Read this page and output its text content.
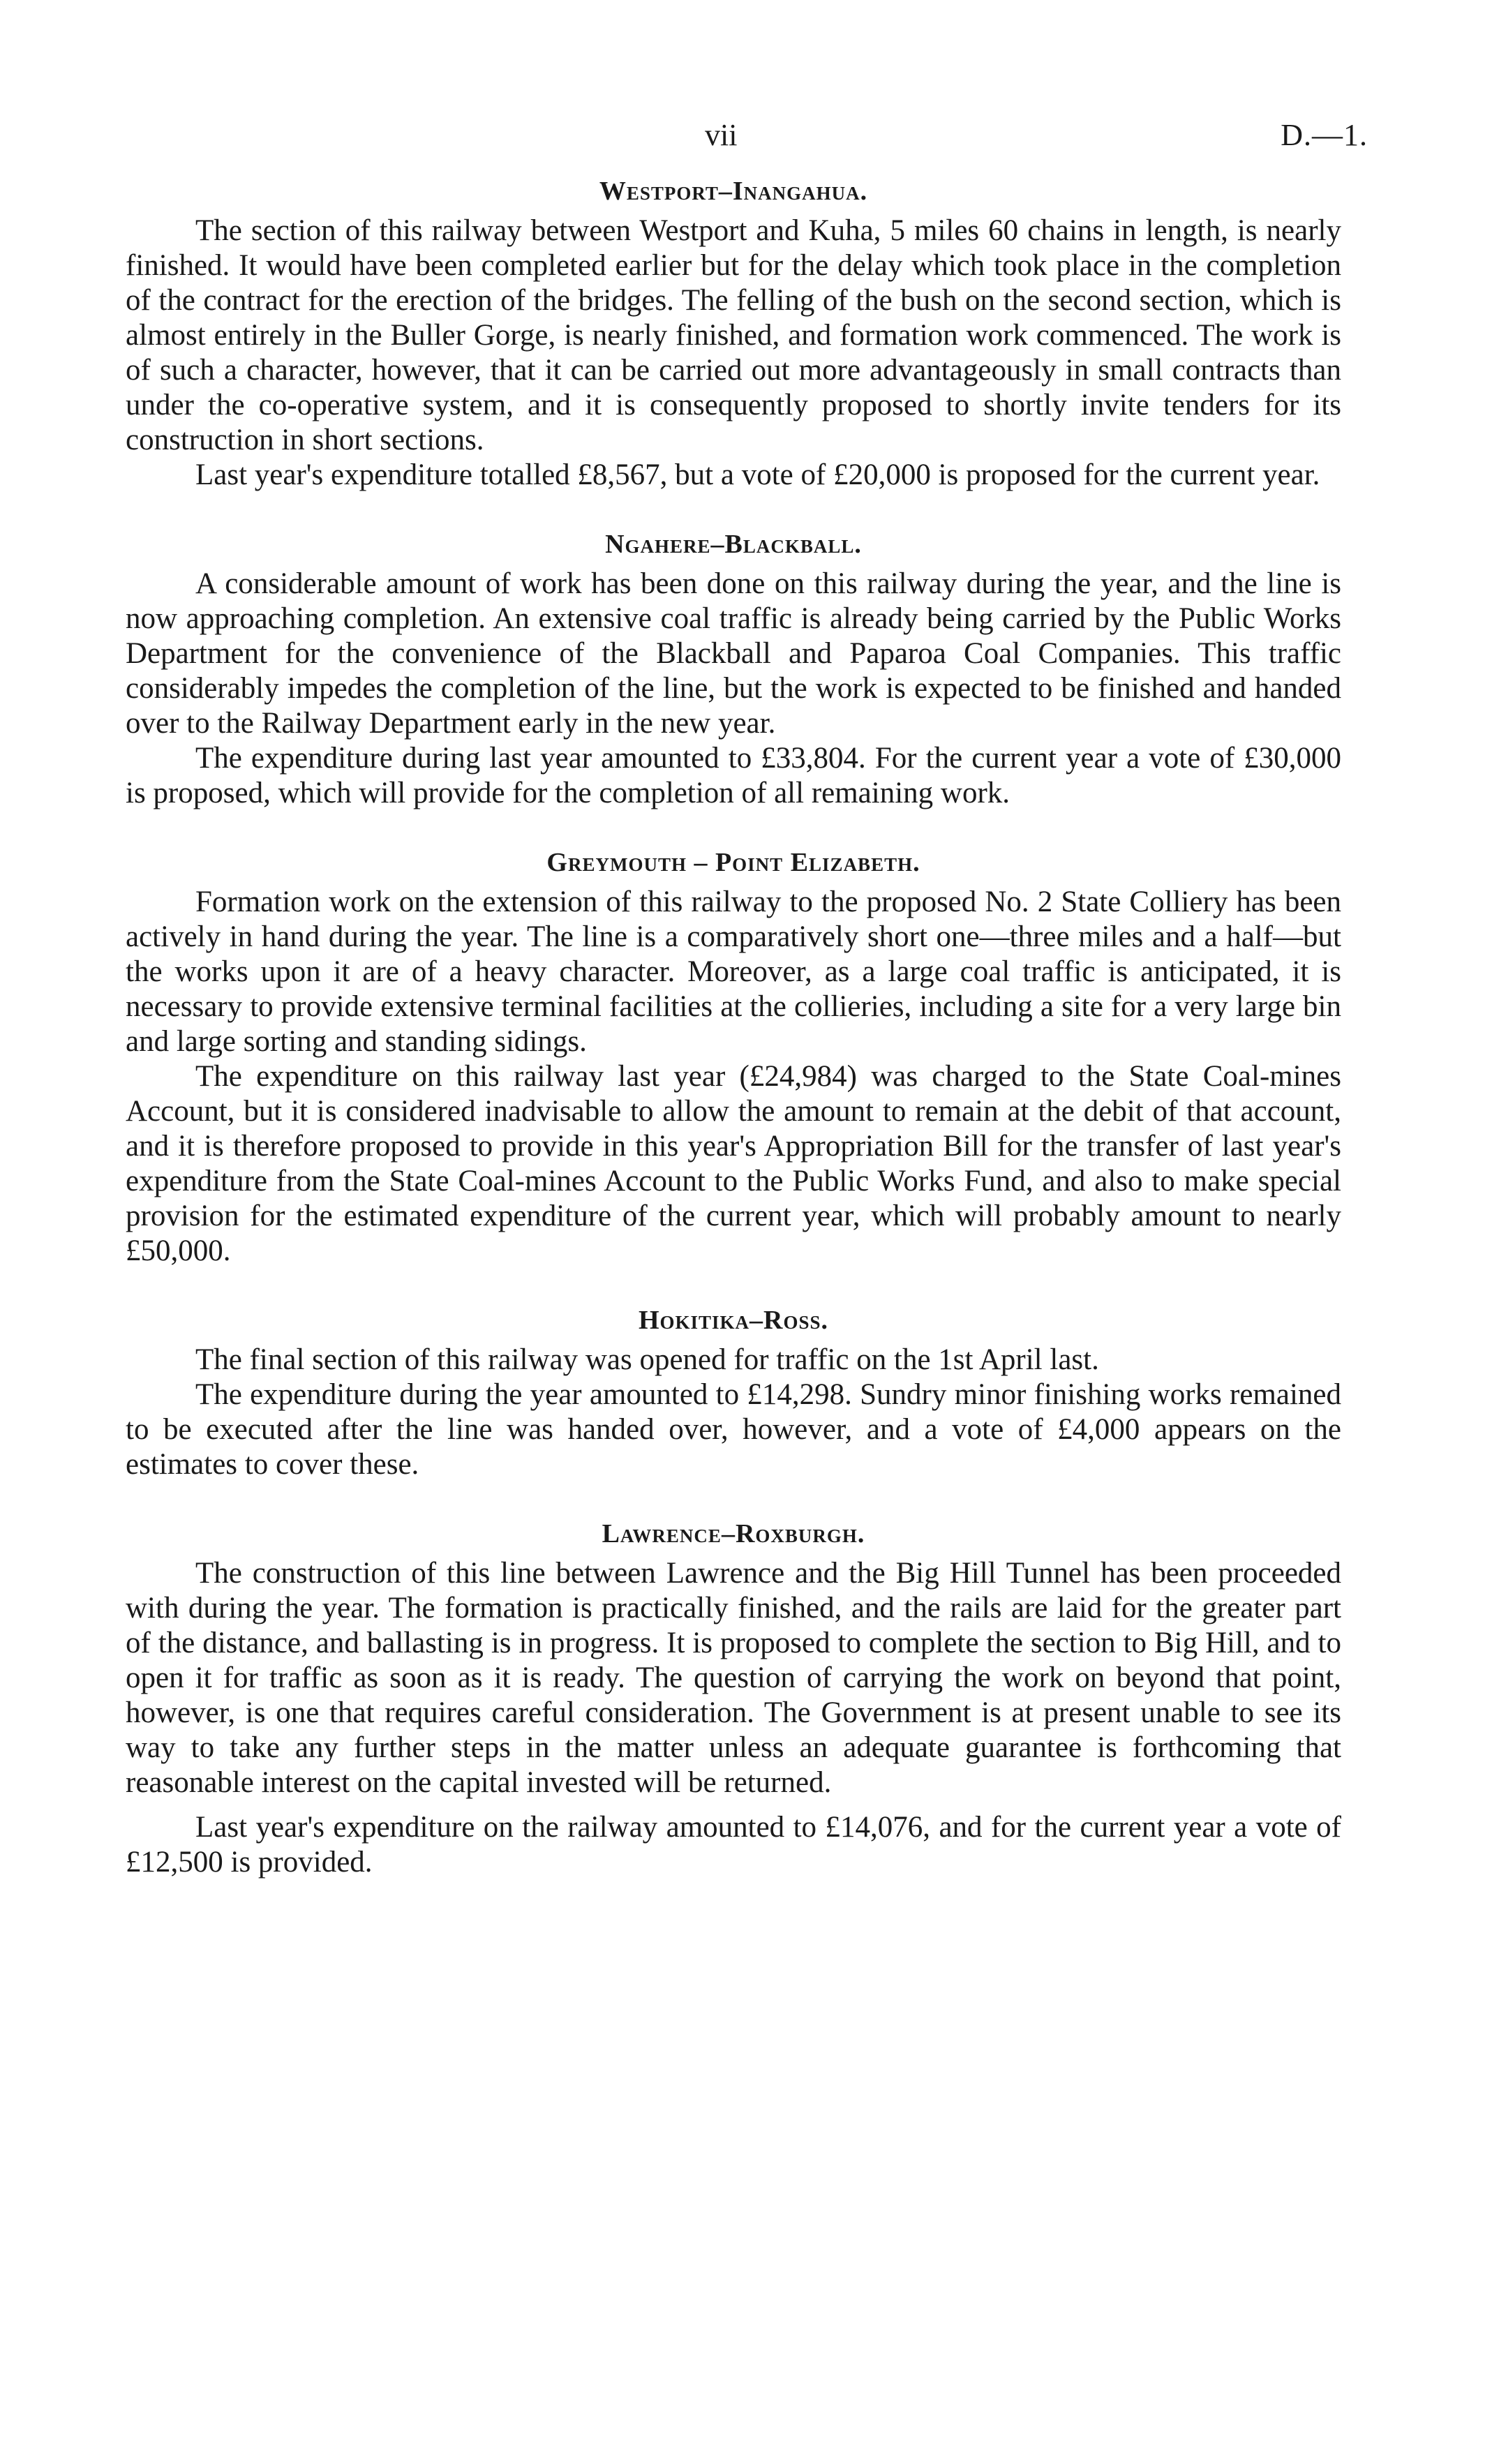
vii	D.—1.
Westport–Inangahua.

The section of this railway between Westport and Kuha, 5 miles 60 chains in length, is nearly finished. It would have been completed earlier but for the delay which took place in the completion of the contract for the erection of the bridges. The felling of the bush on the second section, which is almost entirely in the Buller Gorge, is nearly finished, and formation work commenced. The work is of such a character, however, that it can be carried out more advantageously in small contracts than under the co-operative system, and it is consequently proposed to shortly invite tenders for its construction in short sections.

Last year's expenditure totalled £8,567, but a vote of £20,000 is proposed for the current year.

Ngahere–Blackball.

A considerable amount of work has been done on this railway during the year, and the line is now approaching completion. An extensive coal traffic is already being carried by the Public Works Department for the convenience of the Blackball and Paparoa Coal Companies. This traffic considerably impedes the completion of the line, but the work is expected to be finished and handed over to the Railway Department early in the new year.

The expenditure during last year amounted to £33,804. For the current year a vote of £30,000 is proposed, which will provide for the completion of all remaining work.

Greymouth – Point Elizabeth.

Formation work on the extension of this railway to the proposed No. 2 State Colliery has been actively in hand during the year. The line is a comparatively short one—three miles and a half—but the works upon it are of a heavy character. Moreover, as a large coal traffic is anticipated, it is necessary to provide extensive terminal facilities at the collieries, including a site for a very large bin and large sorting and standing sidings.

The expenditure on this railway last year (£24,984) was charged to the State Coal-mines Account, but it is considered inadvisable to allow the amount to remain at the debit of that account, and it is therefore proposed to provide in this year's Appropriation Bill for the transfer of last year's expenditure from the State Coal-mines Account to the Public Works Fund, and also to make special provision for the estimated expenditure of the current year, which will probably amount to nearly £50,000.

Hokitika–Ross.

The final section of this railway was opened for traffic on the 1st April last.

The expenditure during the year amounted to £14,298. Sundry minor finishing works remained to be executed after the line was handed over, however, and a vote of £4,000 appears on the estimates to cover these.

Lawrence–Roxburgh.

The construction of this line between Lawrence and the Big Hill Tunnel has been proceeded with during the year. The formation is practically finished, and the rails are laid for the greater part of the distance, and ballasting is in progress. It is proposed to complete the section to Big Hill, and to open it for traffic as soon as it is ready. The question of carrying the work on beyond that point, however, is one that requires careful consideration. The Government is at present unable to see its way to take any further steps in the matter unless an adequate guarantee is forthcoming that reasonable interest on the capital invested will be returned.

Last year's expenditure on the railway amounted to £14,076, and for the current year a vote of £12,500 is provided.
